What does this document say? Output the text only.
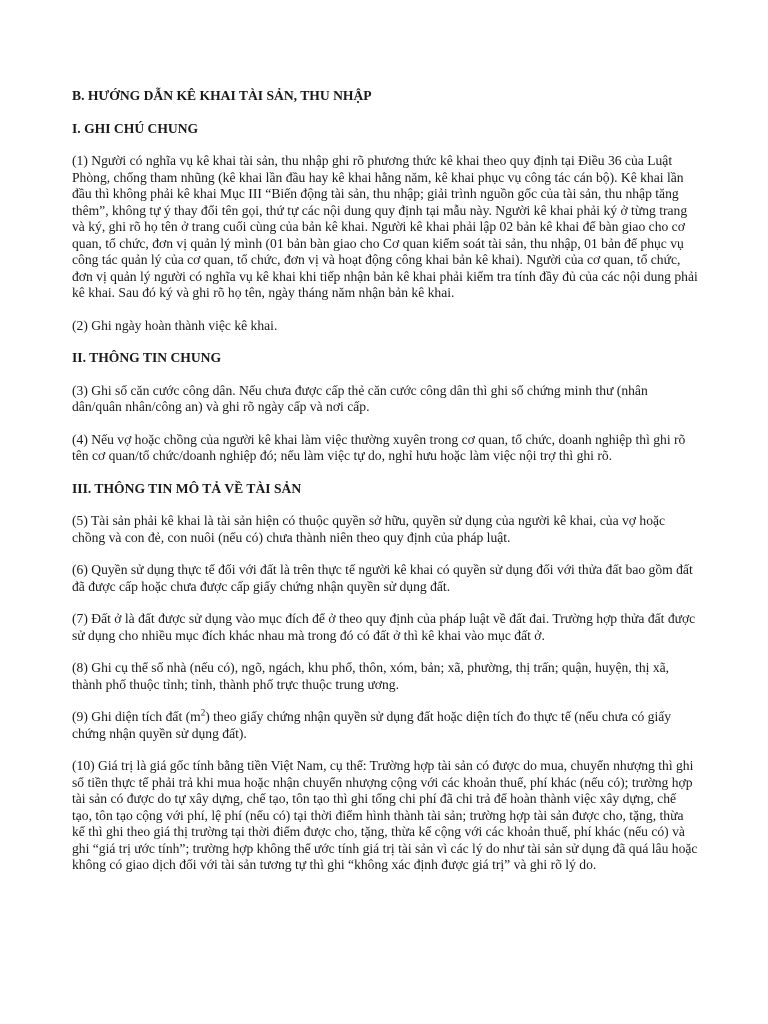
B. HƯỚNG DẪN KÊ KHAI TÀI SẢN, THU NHẬP
I. GHI CHÚ CHUNG

(1) Người có nghĩa vụ kê khai tài sản, thu nhập ghi rõ phương thức kê khai theo quy định tại Điều 36 của Luật Phòng, chống tham nhũng (kê khai lần đầu hay kê khai hằng năm, kê khai phục vụ công tác cán bộ). Kê khai lần đầu thì không phải kê khai Mục III “Biến động tài sản, thu nhập; giải trình nguồn gốc của tài sản, thu nhập tăng thêm”, không tự ý thay đổi tên gọi, thứ tự các nội dung quy định tại mẫu này. Người kê khai phải ký ở từng trang và ký, ghi rõ họ tên ở trang cuối cùng của bản kê khai. Người kê khai phải lập 02 bản kê khai để bàn giao cho cơ quan, tổ chức, đơn vị quản lý mình (01 bản bàn giao cho Cơ quan kiểm soát tài sản, thu nhập, 01 bản để phục vụ công tác quản lý của cơ quan, tổ chức, đơn vị và hoạt động công khai bản kê khai). Người của cơ quan, tổ chức, đơn vị quản lý người có nghĩa vụ kê khai khi tiếp nhận bản kê khai phải kiểm tra tính đầy đủ của các nội dung phải kê khai. Sau đó ký và ghi rõ họ tên, ngày tháng năm nhận bản kê khai.

(2) Ghi ngày hoàn thành việc kê khai.

II. THÔNG TIN CHUNG

(3) Ghi số căn cước công dân. Nếu chưa được cấp thẻ căn cước công dân thì ghi số chứng minh thư (nhân dân/quân nhân/công an) và ghi rõ ngày cấp và nơi cấp.

(4) Nếu vợ hoặc chồng của người kê khai làm việc thường xuyên trong cơ quan, tổ chức, doanh nghiệp thì ghi rõ tên cơ quan/tổ chức/doanh nghiệp đó; nếu làm việc tự do, nghỉ hưu hoặc làm việc nội trợ thì ghi rõ.

III. THÔNG TIN MÔ TẢ VỀ TÀI SẢN

(5) Tài sản phải kê khai là tài sản hiện có thuộc quyền sở hữu, quyền sử dụng của người kê khai, của vợ hoặc chồng và con đẻ, con nuôi (nếu có) chưa thành niên theo quy định của pháp luật.

(6) Quyền sử dụng thực tế đối với đất là trên thực tế người kê khai có quyền sử dụng đối với thửa đất bao gồm đất đã được cấp hoặc chưa được cấp giấy chứng nhận quyền sử dụng đất.

(7) Đất ở là đất được sử dụng vào mục đích để ở theo quy định của pháp luật về đất đai. Trường hợp thửa đất được sử dụng cho nhiều mục đích khác nhau mà trong đó có đất ở thì kê khai vào mục đất ở.

(8) Ghi cụ thể số nhà (nếu có), ngõ, ngách, khu phố, thôn, xóm, bản; xã, phường, thị trấn; quận, huyện, thị xã, thành phố thuộc tỉnh; tỉnh, thành phố trực thuộc trung ương.

(9) Ghi diện tích đất $(m^2)$ theo giấy chứng nhận quyền sử dụng đất hoặc diện tích đo thực tế (nếu chưa có giấy chứng nhận quyền sử dụng đất).

(10) Giá trị là giá gốc tính bằng tiền Việt Nam, cụ thể: Trường hợp tài sản có được do mua, chuyển nhượng thì ghi số tiền thực tế phải trả khi mua hoặc nhận chuyển nhượng cộng với các khoản thuế, phí khác (nếu có); trường hợp tài sản có được do tự xây dựng, chế tạo, tôn tạo thì ghi tổng chi phí đã chi trả để hoàn thành việc xây dựng, chế tạo, tôn tạo cộng với phí, lệ phí (nếu có) tại thời điểm hình thành tài sản; trường hợp tài sản được cho, tặng, thừa kế thì ghi theo giá thị trường tại thời điểm được cho, tặng, thừa kế cộng với các khoản thuế, phí khác (nếu có) và ghi “giá trị ước tính”; trường hợp không thể ước tính giá trị tài sản vì các lý do như tài sản sử dụng đã quá lâu hoặc không có giao dịch đối với tài sản tương tự thì ghi “không xác định được giá trị” và ghi rõ lý do.
